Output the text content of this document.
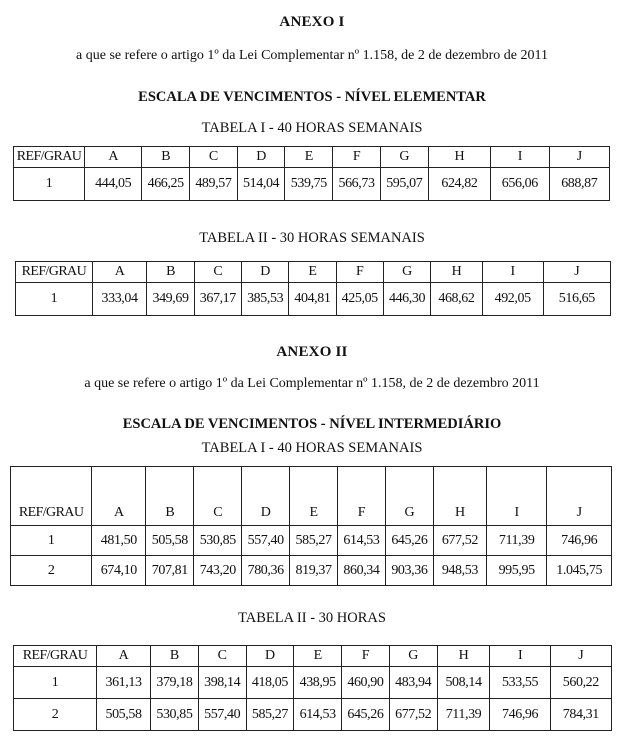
ANEXO I
a que se refere o artigo 1º da Lei Complementar nº 1.158, de 2 de dezembro de 2011
ESCALA DE VENCIMENTOS - NÍVEL ELEMENTAR
TABELA I - 40 HORAS SEMANAIS
REF/GRAU	A	B	C	D	E	F	G	H	I	J
1	444,05	466,25	489,57	514,04	539,75	566,73	595,07	624,82	656,06	688,87
TABELA II - 30 HORAS SEMANAIS
REF/GRAU	A	B	C	D	E	F	G	H	I	J
1	333,04	349,69	367,17	385,53	404,81	425,05	446,30	468,62	492,05	516,65
ANEXO II
a que se refere o artigo 1º da Lei Complementar nº 1.158, de 2 de dezembro 2011
ESCALA DE VENCIMENTOS - NÍVEL INTERMEDIÁRIO
TABELA I - 40 HORAS SEMANAIS
REF/GRAU	A	B	C	D	E	F	G	H	I	J
1	481,50	505,58	530,85	557,40	585,27	614,53	645,26	677,52	711,39	746,96
2	674,10	707,81	743,20	780,36	819,37	860,34	903,36	948,53	995,95	1.045,75
TABELA II - 30 HORAS
REF/GRAU	A	B	C	D	E	F	G	H	I	J
1	361,13	379,18	398,14	418,05	438,95	460,90	483,94	508,14	533,55	560,22
2	505,58	530,85	557,40	585,27	614,53	645,26	677,52	711,39	746,96	784,31
